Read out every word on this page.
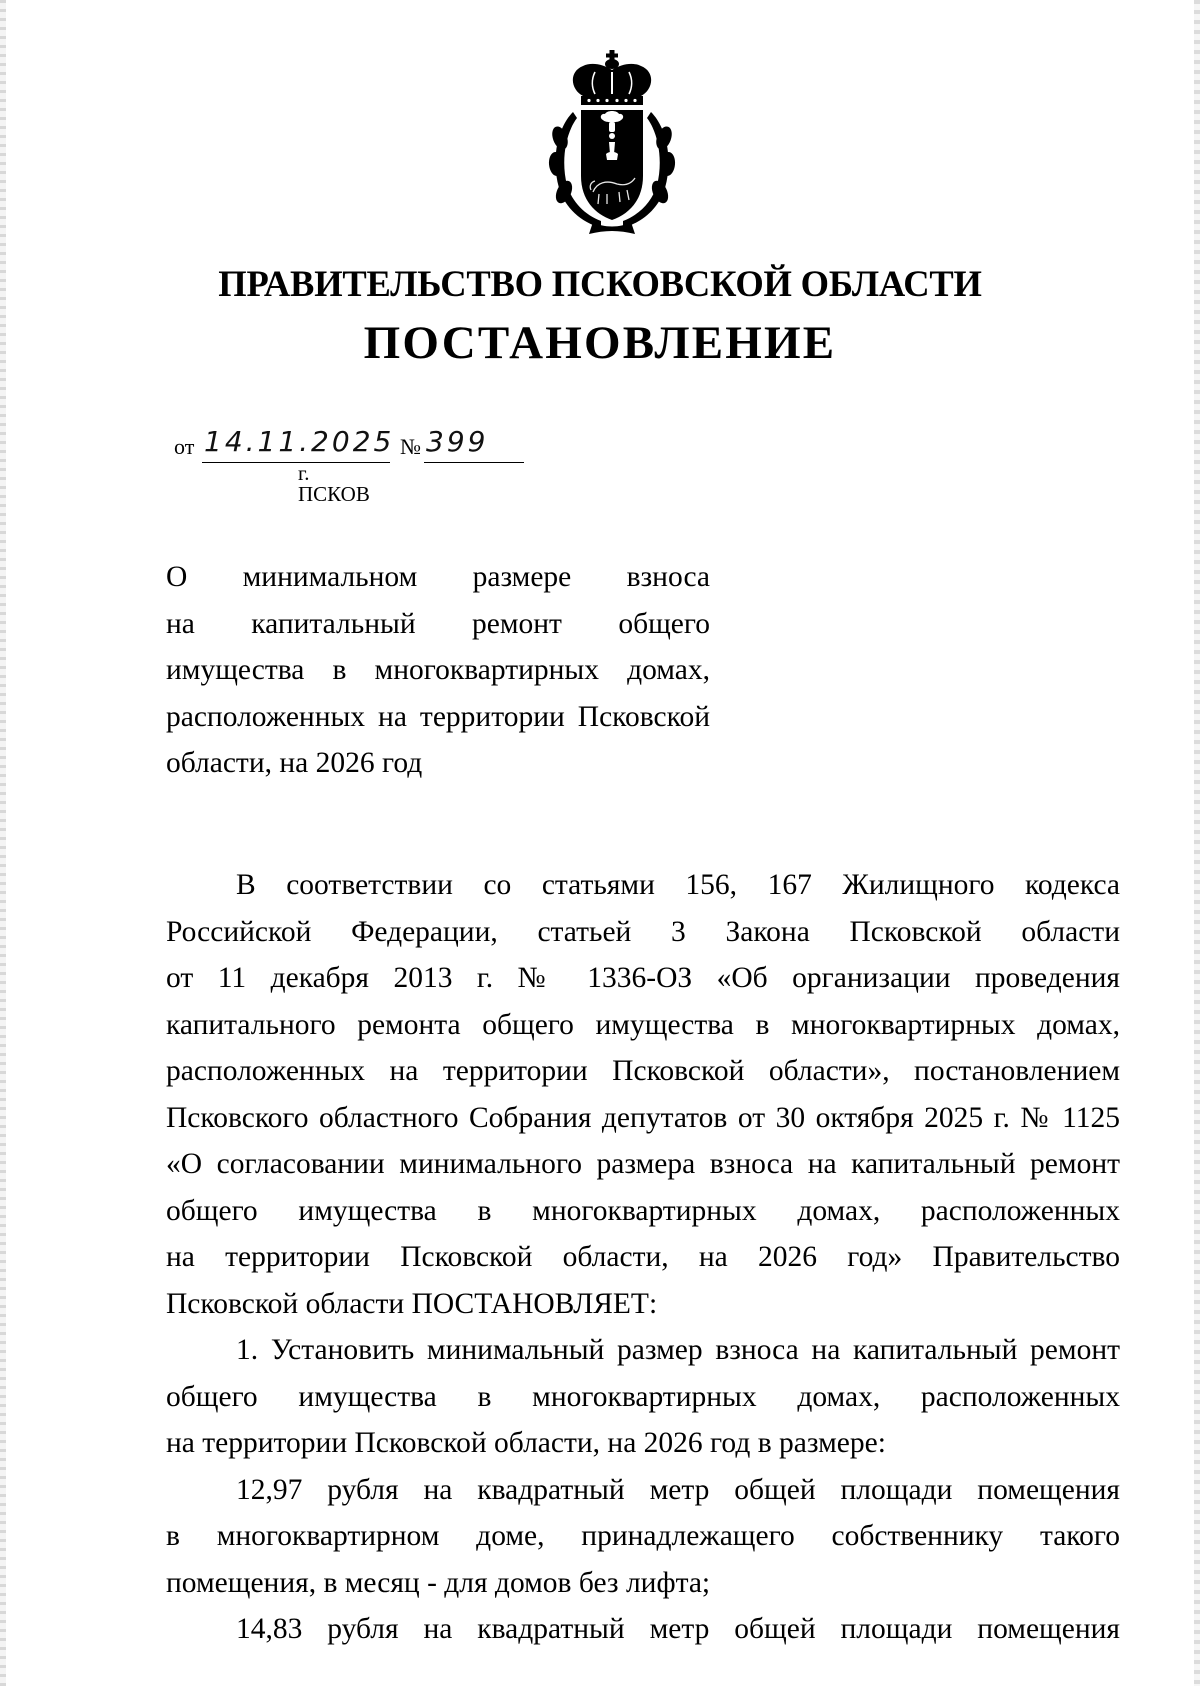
ПРАВИТЕЛЬСТВО ПСКОВСКОЙ ОБЛАСТИ
ПОСТАНОВЛЕНИЕ
от 14.11.2025 № 399
г. ПСКОВ
О минимальном размере взноса
на капитальный ремонт общего
имущества в многоквартирных домах,
расположенных на территории Псковской
области, на 2026 год
В соответствии со статьями 156, 167 Жилищного кодекса
Российской Федерации, статьей 3 Закона Псковской области
от 11 декабря 2013 г. № 1336-ОЗ «Об организации проведения
капитального ремонта общего имущества в многоквартирных домах,
расположенных на территории Псковской области», постановлением
Псковского областного Собрания депутатов от 30 октября 2025 г. № 1125
«О согласовании минимального размера взноса на капитальный ремонт
общего имущества в многоквартирных домах, расположенных
на территории Псковской области, на 2026 год» Правительство
Псковской области ПОСТАНОВЛЯЕТ:
1. Установить минимальный размер взноса на капитальный ремонт
общего имущества в многоквартирных домах, расположенных
на территории Псковской области, на 2026 год в размере:
12,97 рубля на квадратный метр общей площади помещения
в многоквартирном доме, принадлежащего собственнику такого
помещения, в месяц - для домов без лифта;
14,83 рубля на квадратный метр общей площади помещения
